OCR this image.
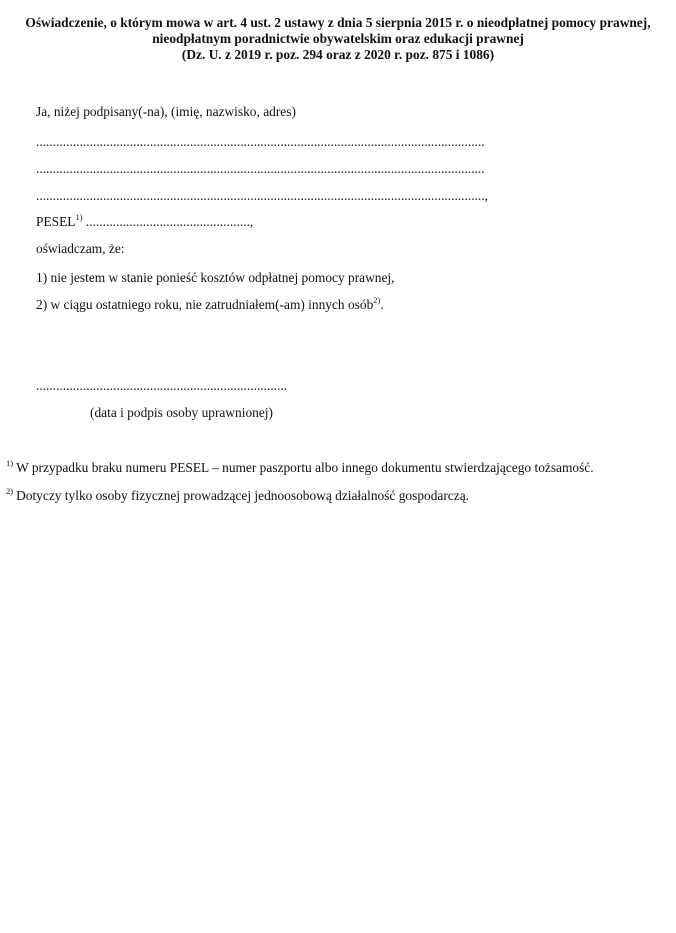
Oświadczenie, o którym mowa w art. 4 ust. 2 ustawy z dnia 5 sierpnia 2015 r. o nieodpłatnej pomocy prawnej,
nieodpłatnym poradnictwie obywatelskim oraz edukacji prawnej
(Dz. U. z 2019 r. poz. 294 oraz z 2020 r. poz. 875 i 1086)
Ja, niżej podpisany(-na), (imię, nazwisko, adres)
......................................................................................................................................
......................................................................................................................................
......................................................................................................................................,
PESEL$^{1)}$ .................................................,
oświadczam, że:
1) nie jestem w stanie ponieść kosztów odpłatnej pomocy prawnej,
2) w ciągu ostatniego roku, nie zatrudniałem(-am) innych osób$^{2)}$.
...........................................................................
(data i podpis osoby uprawnionej)
$^{1)}$ W przypadku braku numeru PESEL – numer paszportu albo innego dokumentu stwierdzającego tożsamość.
$^{2)}$ Dotyczy tylko osoby fizycznej prowadzącej jednoosobową działalność gospodarczą.
